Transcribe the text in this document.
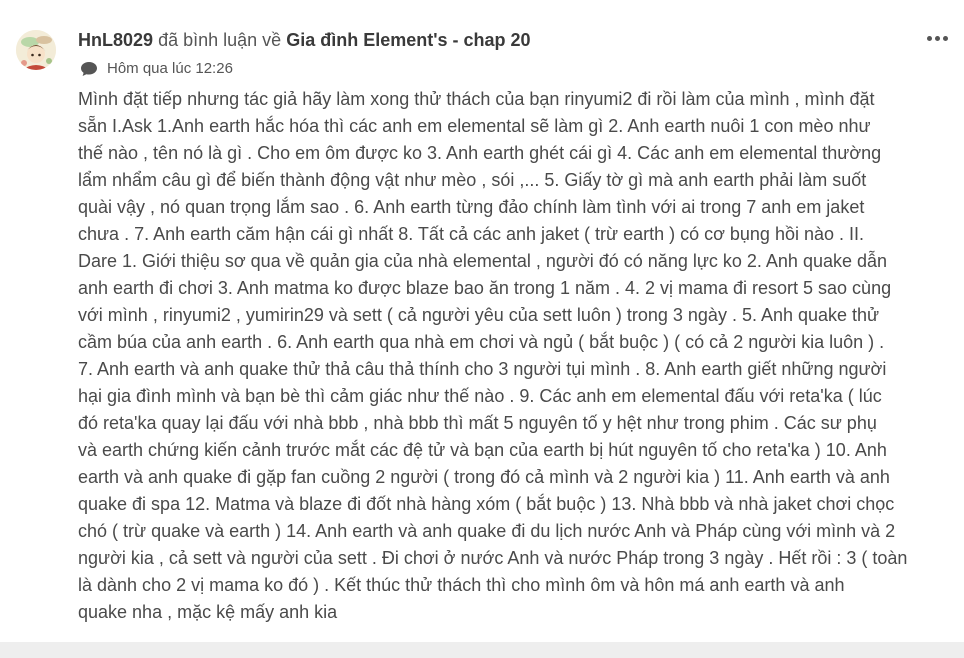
HnL8029 đã bình luận về Gia đình Element's - chap 20
Hôm qua lúc 12:26
Mình đặt tiếp nhưng tác giả hãy làm xong thử thách của bạn rinyumi2 đi rồi làm của mình , mình đặt
sẵn I.Ask 1.Anh earth hắc hóa thì các anh em elemental sẽ làm gì 2. Anh earth nuôi 1 con mèo như
thế nào , tên nó là gì . Cho em ôm được ko 3. Anh earth ghét cái gì 4. Các anh em elemental thường
lẩm nhẩm câu gì để biến thành động vật như mèo , sói ,... 5. Giấy tờ gì mà anh earth phải làm suốt
quài vậy , nó quan trọng lắm sao . 6. Anh earth từng đảo chính làm tình với ai trong 7 anh em jaket
chưa . 7. Anh earth căm hận cái gì nhất 8. Tất cả các anh jaket ( trừ earth ) có cơ bụng hồi nào . II.
Dare 1. Giới thiệu sơ qua về quản gia của nhà elemental , người đó có năng lực ko 2. Anh quake dẫn
anh earth đi chơi 3. Anh matma ko được blaze bao ăn trong 1 năm . 4. 2 vị mama đi resort 5 sao cùng
với mình , rinyumi2 , yumirin29 và sett ( cả người yêu của sett luôn ) trong 3 ngày . 5. Anh quake thử
cầm búa của anh earth . 6. Anh earth qua nhà em chơi và ngủ ( bắt buộc ) ( có cả 2 người kia luôn ) .
7. Anh earth và anh quake thử thả câu thả thính cho 3 người tụi mình . 8. Anh earth giết những người
hại gia đình mình và bạn bè thì cảm giác như thế nào . 9. Các anh em elemental đấu với reta'ka ( lúc
đó reta'ka quay lại đấu với nhà bbb , nhà bbb thì mất 5 nguyên tố y hệt như trong phim . Các sư phụ
và earth chứng kiến cảnh trước mắt các đệ tử và bạn của earth bị hút nguyên tố cho reta'ka ) 10. Anh
earth và anh quake đi gặp fan cuồng 2 người ( trong đó cả mình và 2 người kia ) 11. Anh earth và anh
quake đi spa 12. Matma và blaze đi đốt nhà hàng xóm ( bắt buộc ) 13. Nhà bbb và nhà jaket chơi chọc
chó ( trừ quake và earth ) 14. Anh earth và anh quake đi du lịch nước Anh và Pháp cùng với mình và 2
người kia , cả sett và người của sett . Đi chơi ở nước Anh và nước Pháp trong 3 ngày . Hết rồi : 3 ( toàn
là dành cho 2 vị mama ko đó ) . Kết thúc thử thách thì cho mình ôm và hôn má anh earth và anh
quake nha , mặc kệ mấy anh kia
